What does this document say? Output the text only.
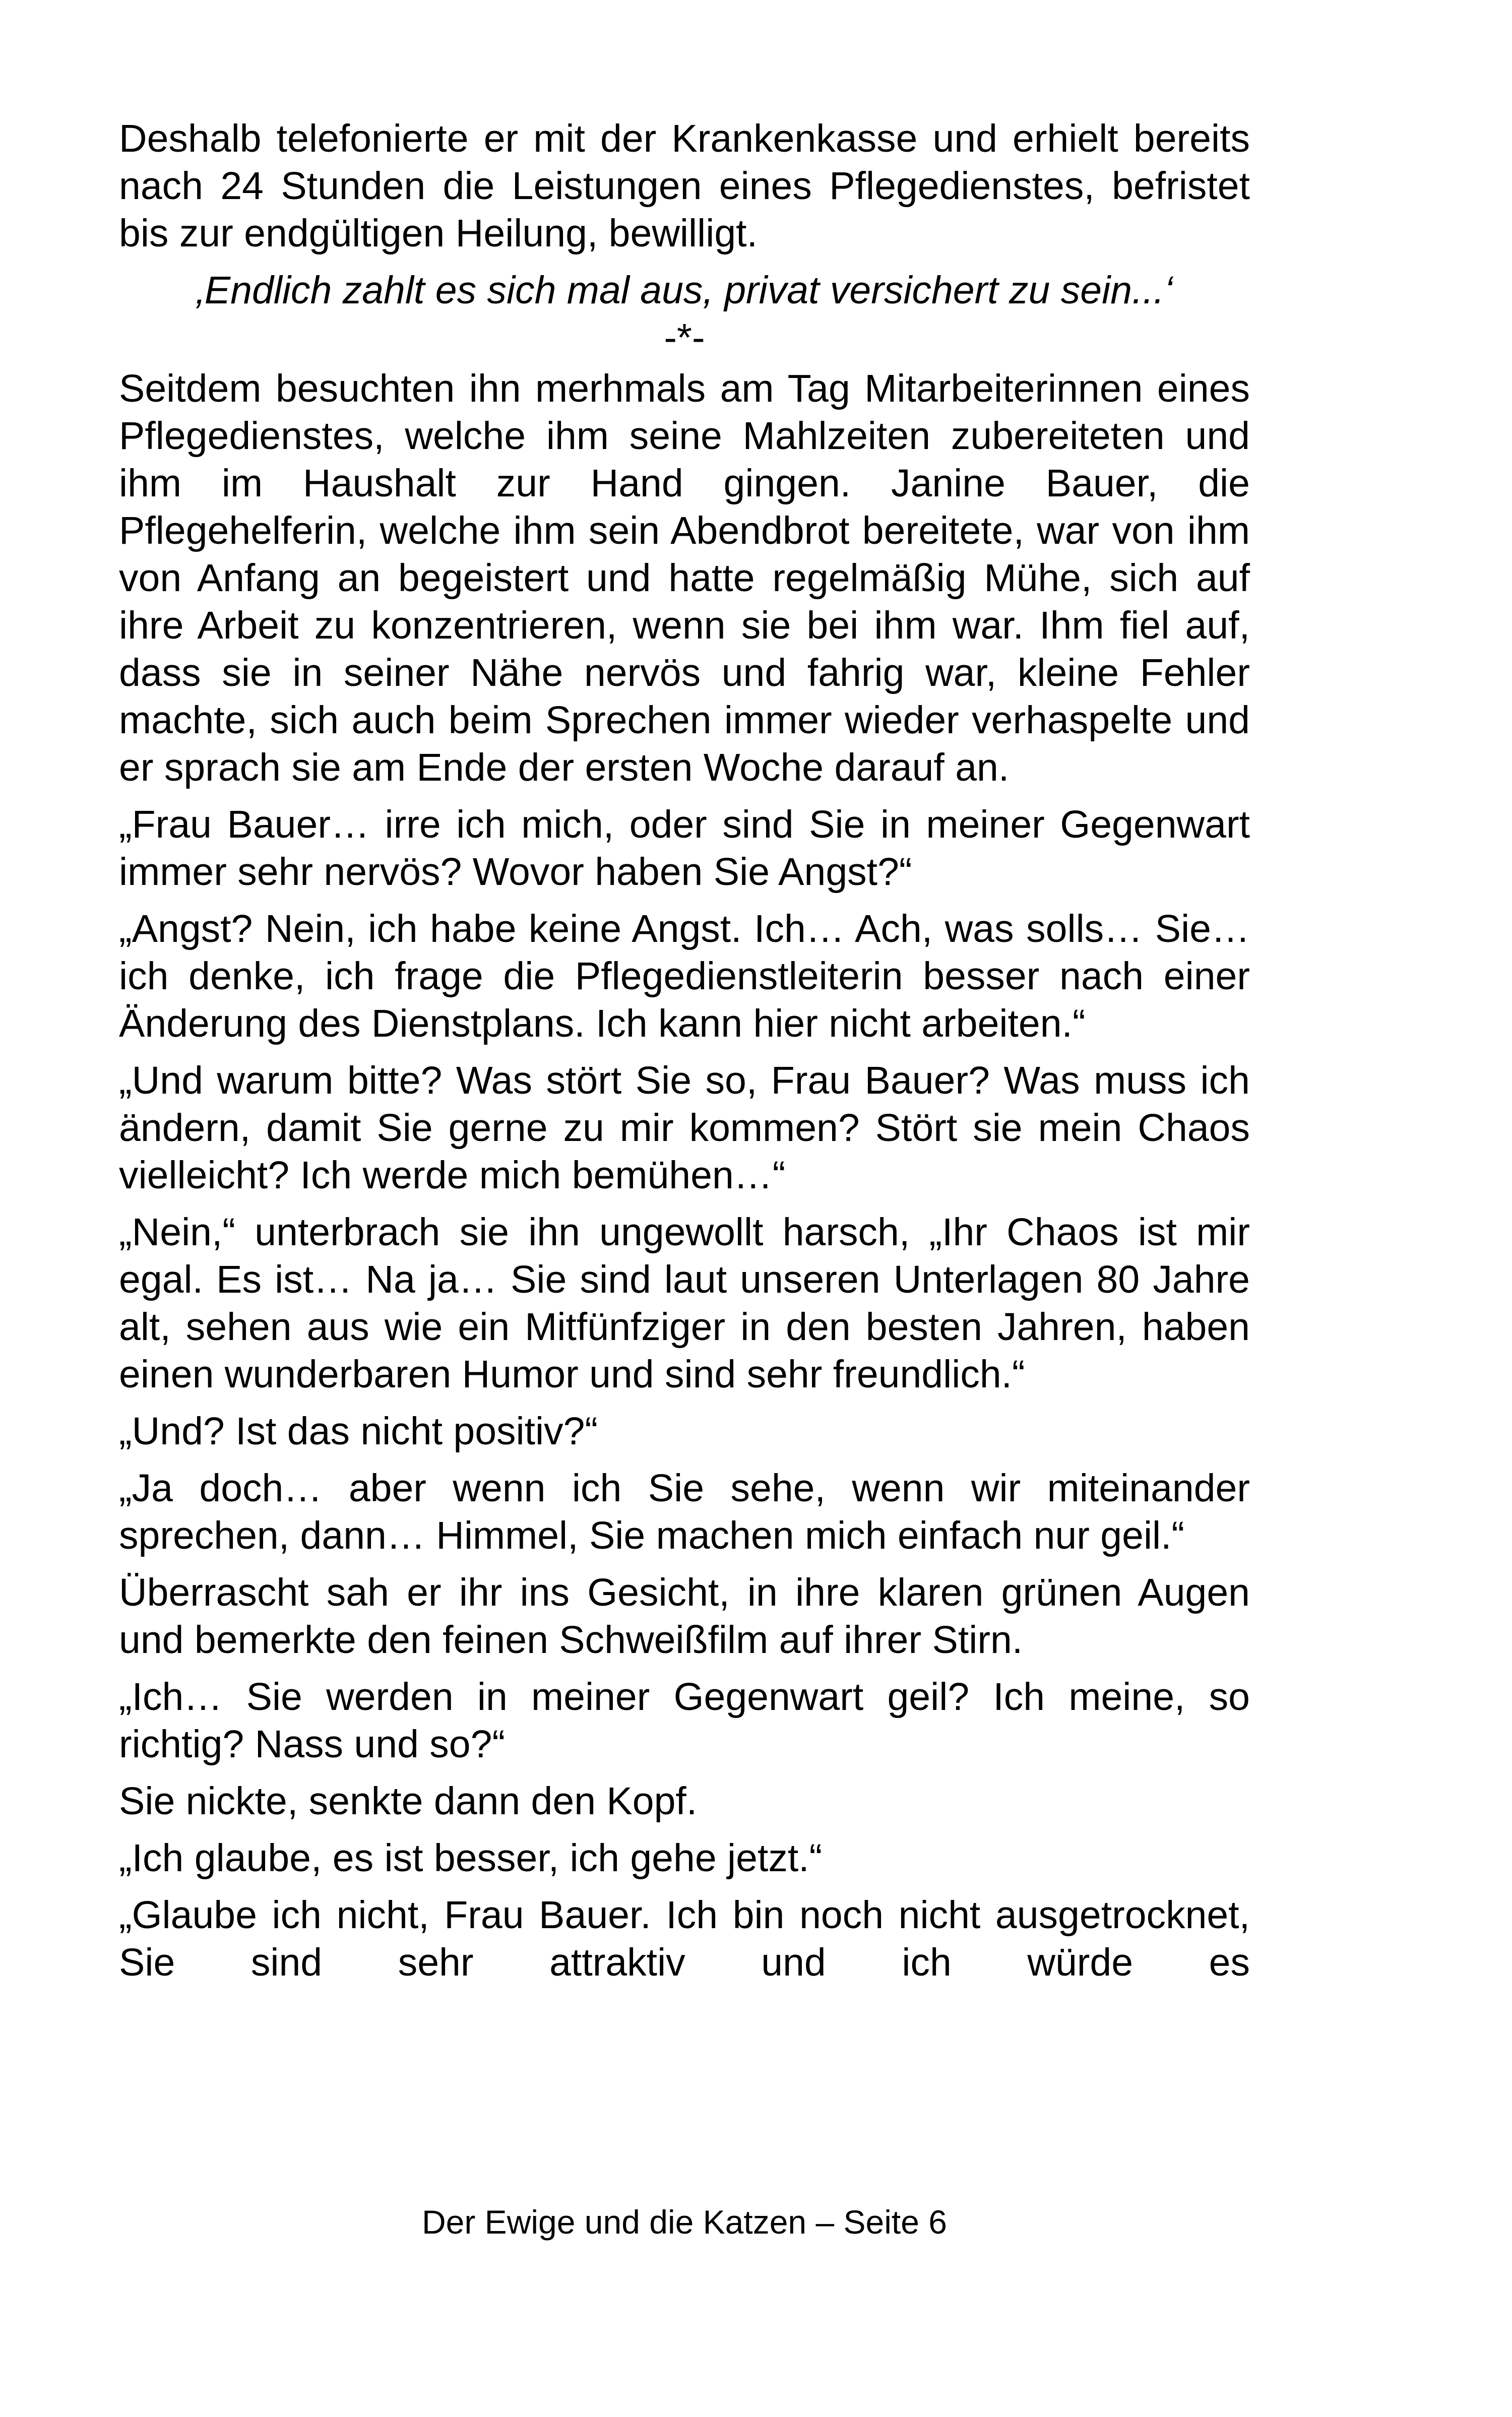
Deshalb telefonierte er mit der Krankenkasse und erhielt bereits nach 24 Stunden die Leistungen eines Pflegedienstes, befristet bis zur endgültigen Heilung, bewilligt.

‚Endlich zahlt es sich mal aus, privat versichert zu sein...‘

-*-

Seitdem besuchten ihn merhmals am Tag Mitarbeiterinnen eines Pflegedienstes, welche ihm seine Mahlzeiten zubereiteten und ihm im Haushalt zur Hand gingen. Janine Bauer, die Pflegehelferin, welche ihm sein Abendbrot bereitete, war von ihm von Anfang an begeistert und hatte regelmäßig Mühe, sich auf ihre Arbeit zu konzentrieren, wenn sie bei ihm war. Ihm fiel auf, dass sie in seiner Nähe nervös und fahrig war, kleine Fehler machte, sich auch beim Sprechen immer wieder verhaspelte und er sprach sie am Ende der ersten Woche darauf an.

„Frau Bauer… irre ich mich, oder sind Sie in meiner Gegenwart immer sehr nervös? Wovor haben Sie Angst?“

„Angst? Nein, ich habe keine Angst. Ich… Ach, was solls… Sie… ich denke, ich frage die Pflegedienstleiterin besser nach einer Änderung des Dienstplans. Ich kann hier nicht arbeiten.“

„Und warum bitte? Was stört Sie so, Frau Bauer? Was muss ich ändern, damit Sie gerne zu mir kommen? Stört sie mein Chaos vielleicht? Ich werde mich bemühen…“

„Nein,“ unterbrach sie ihn ungewollt harsch, „Ihr Chaos ist mir egal. Es ist… Na ja… Sie sind laut unseren Unterlagen 80 Jahre alt, sehen aus wie ein Mitfünfziger in den besten Jahren, haben einen wunderbaren Humor und sind sehr freundlich.“

„Und? Ist das nicht positiv?“

„Ja doch… aber wenn ich Sie sehe, wenn wir miteinander sprechen, dann… Himmel, Sie machen mich einfach nur geil.“

Überrascht sah er ihr ins Gesicht, in ihre klaren grünen Augen und bemerkte den feinen Schweißfilm auf ihrer Stirn.

„Ich… Sie werden in meiner Gegenwart geil? Ich meine, so richtig? Nass und so?“

Sie nickte, senkte dann den Kopf.

„Ich glaube, es ist besser, ich gehe jetzt.“

„Glaube ich nicht, Frau Bauer. Ich bin noch nicht ausgetrocknet, Sie sind sehr attraktiv und ich würde es

Der Ewige und die Katzen – Seite 6
